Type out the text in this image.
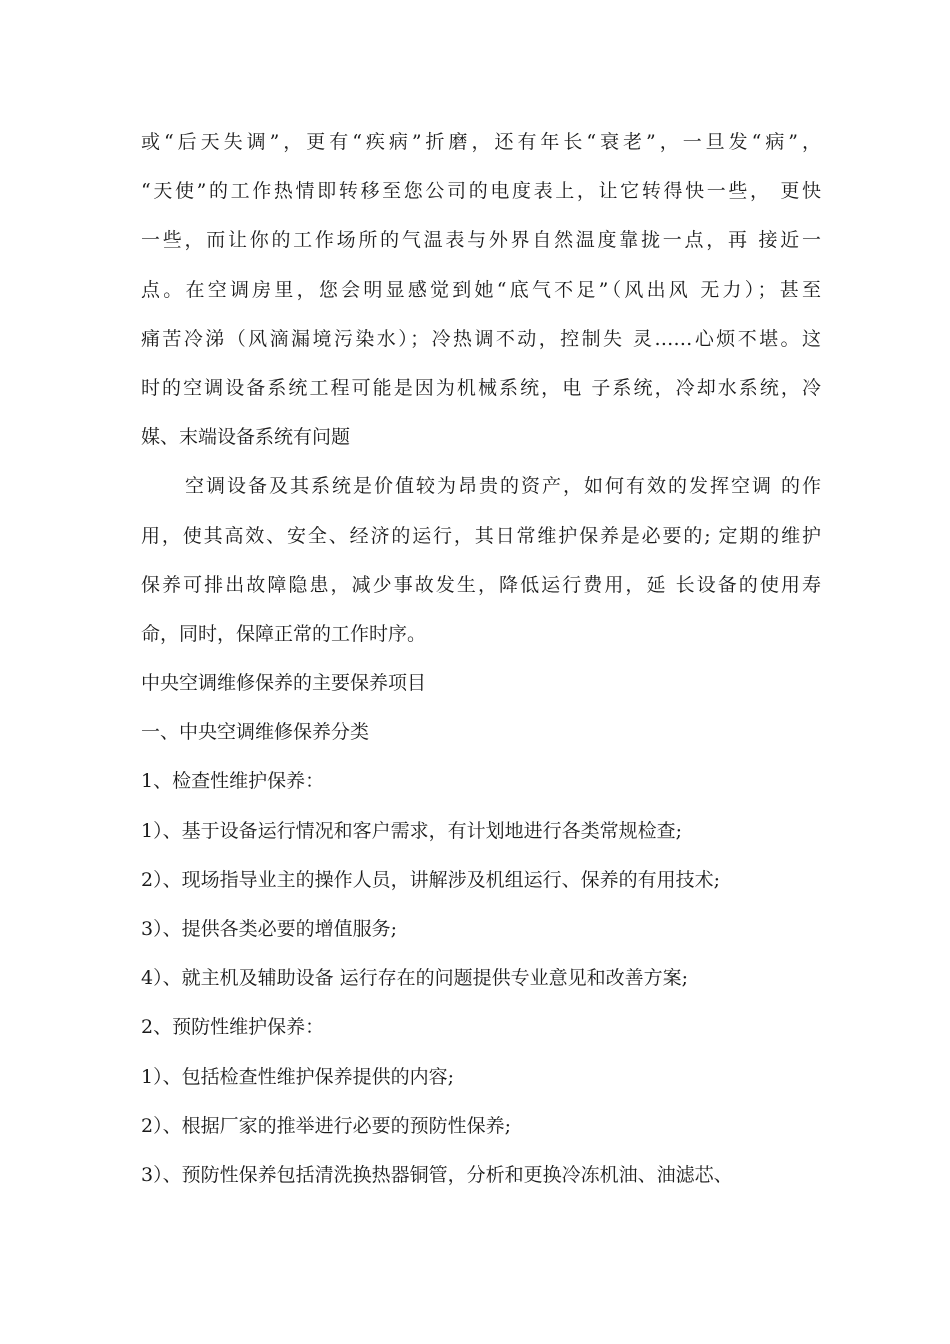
或“后天失调”，更有“疾病”折磨，还有年长“衰老”，一旦发“病”，
“天使”的工作热情即转移至您公司的电度表上，让它转得快一些， 更快
一些，而让你的工作场所的气温表与外界自然温度靠拢一点，再 接近一
点。在空调房里，您会明显感觉到她“底气不足”（风出风 无力）；甚至
痛苦冷涕（风滴漏境污染水）；冷热调不动，控制失 灵……心烦不堪。这
时的空调设备系统工程可能是因为机械系统，电 子系统，冷却水系统，冷
媒、末端设备系统有问题
空调设备及其系统是价值较为昂贵的资产，如何有效的发挥空调 的作
用，使其高效、安全、经济的运行，其日常维护保养是必要的; 定期的维护
保养可排出故障隐患，减少事故发生，降低运行费用，延 长设备的使用寿
命，同时，保障正常的工作时序。
中央空调维修保养的主要保养项目
一、中央空调维修保养分类
1、检查性维护保养：
1）、基于设备运行情况和客户需求，有计划地进行各类常规检查;
2）、现场指导业主的操作人员，讲解涉及机组运行、保养的有用技术;
3）、提供各类必要的增值服务;
4）、就主机及辅助设备 运行存在的问题提供专业意见和改善方案;
2、预防性维护保养：
1）、包括检查性维护保养提供的内容;
2）、根据厂家的推举进行必要的预防性保养;
3）、预防性保养包括清洗换热器铜管，分析和更换冷冻机油、油滤芯、
